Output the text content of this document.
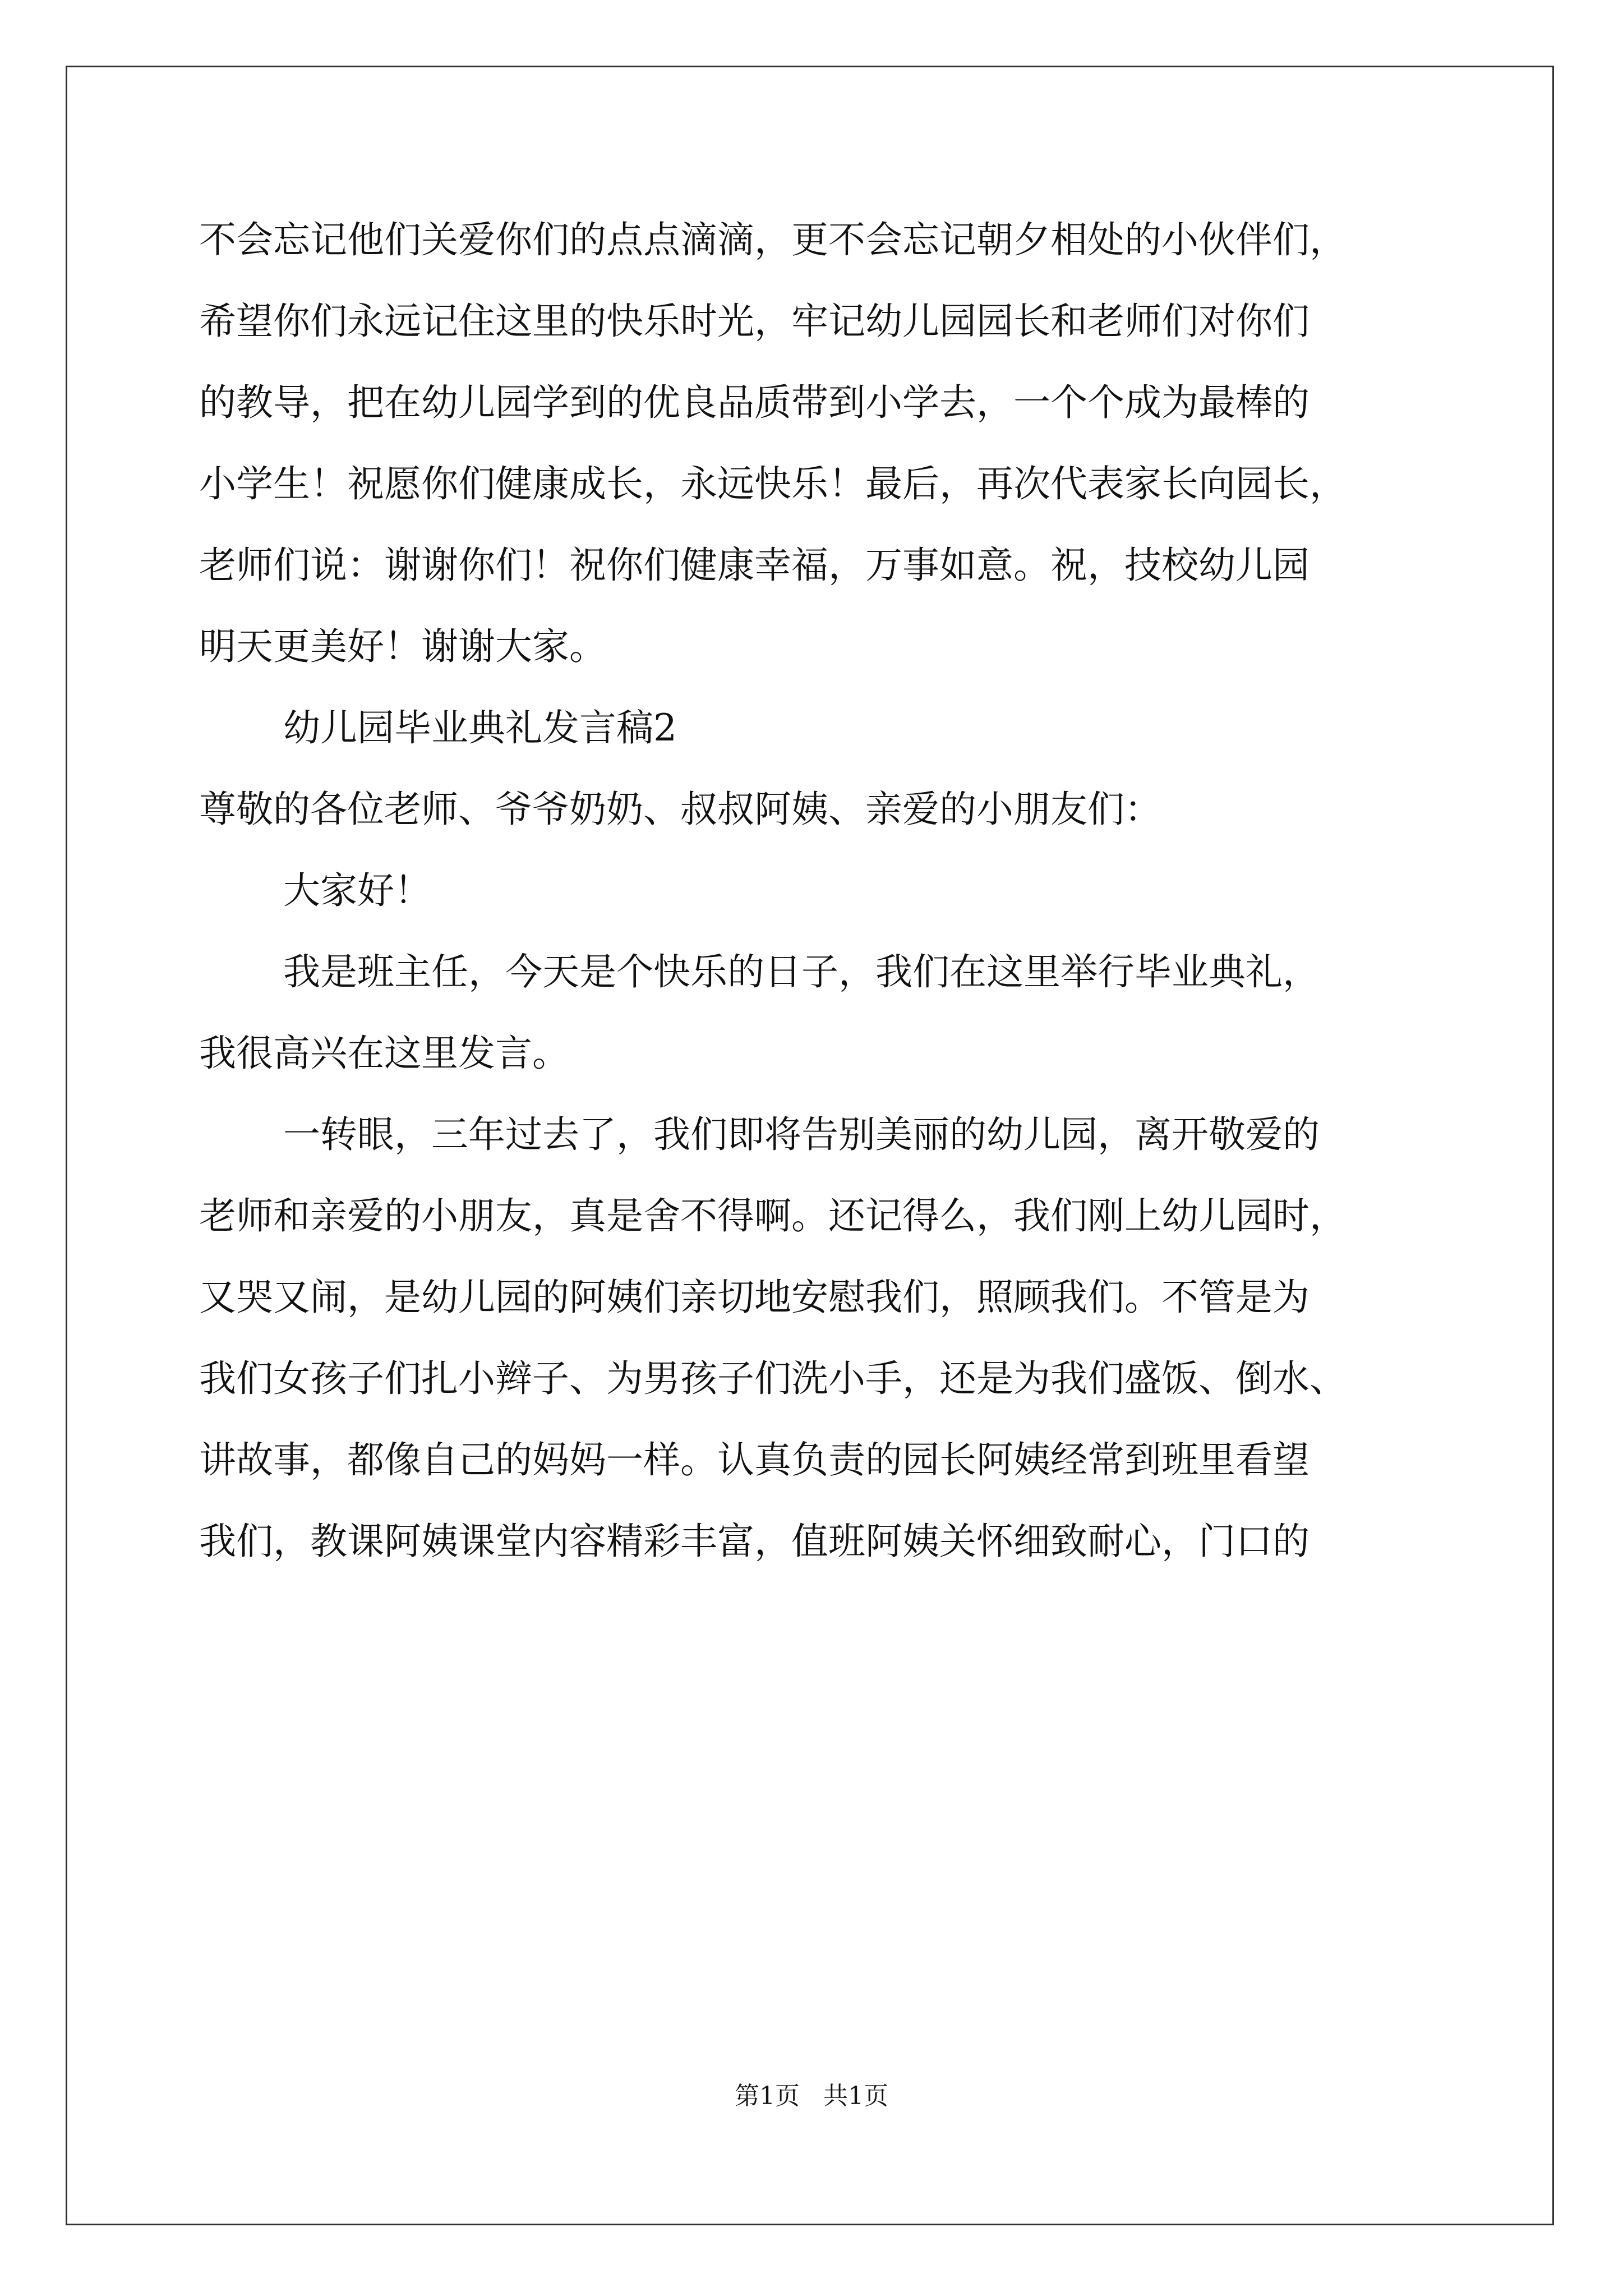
不会忘记他们关爱你们的点点滴滴，更不会忘记朝夕相处的小伙伴们，
希望你们永远记住这里的快乐时光，牢记幼儿园园长和老师们对你们
的教导，把在幼儿园学到的优良品质带到小学去，一个个成为最棒的
小学生！祝愿你们健康成长，永远快乐！最后，再次代表家长向园长，
老师们说：谢谢你们！祝你们健康幸福，万事如意。祝，技校幼儿园
明天更美好！谢谢大家。
幼儿园毕业典礼发言稿2
尊敬的各位老师、爷爷奶奶、叔叔阿姨、亲爱的小朋友们：
大家好！
我是班主任，今天是个快乐的日子，我们在这里举行毕业典礼，
我很高兴在这里发言。
一转眼，三年过去了，我们即将告别美丽的幼儿园，离开敬爱的
老师和亲爱的小朋友，真是舍不得啊。还记得么，我们刚上幼儿园时，
又哭又闹，是幼儿园的阿姨们亲切地安慰我们，照顾我们。不管是为
我们女孩子们扎小辫子、为男孩子们洗小手，还是为我们盛饭、倒水、
讲故事，都像自己的妈妈一样。认真负责的园长阿姨经常到班里看望
我们，教课阿姨课堂内容精彩丰富，值班阿姨关怀细致耐心，门口的
第1页   共1页
